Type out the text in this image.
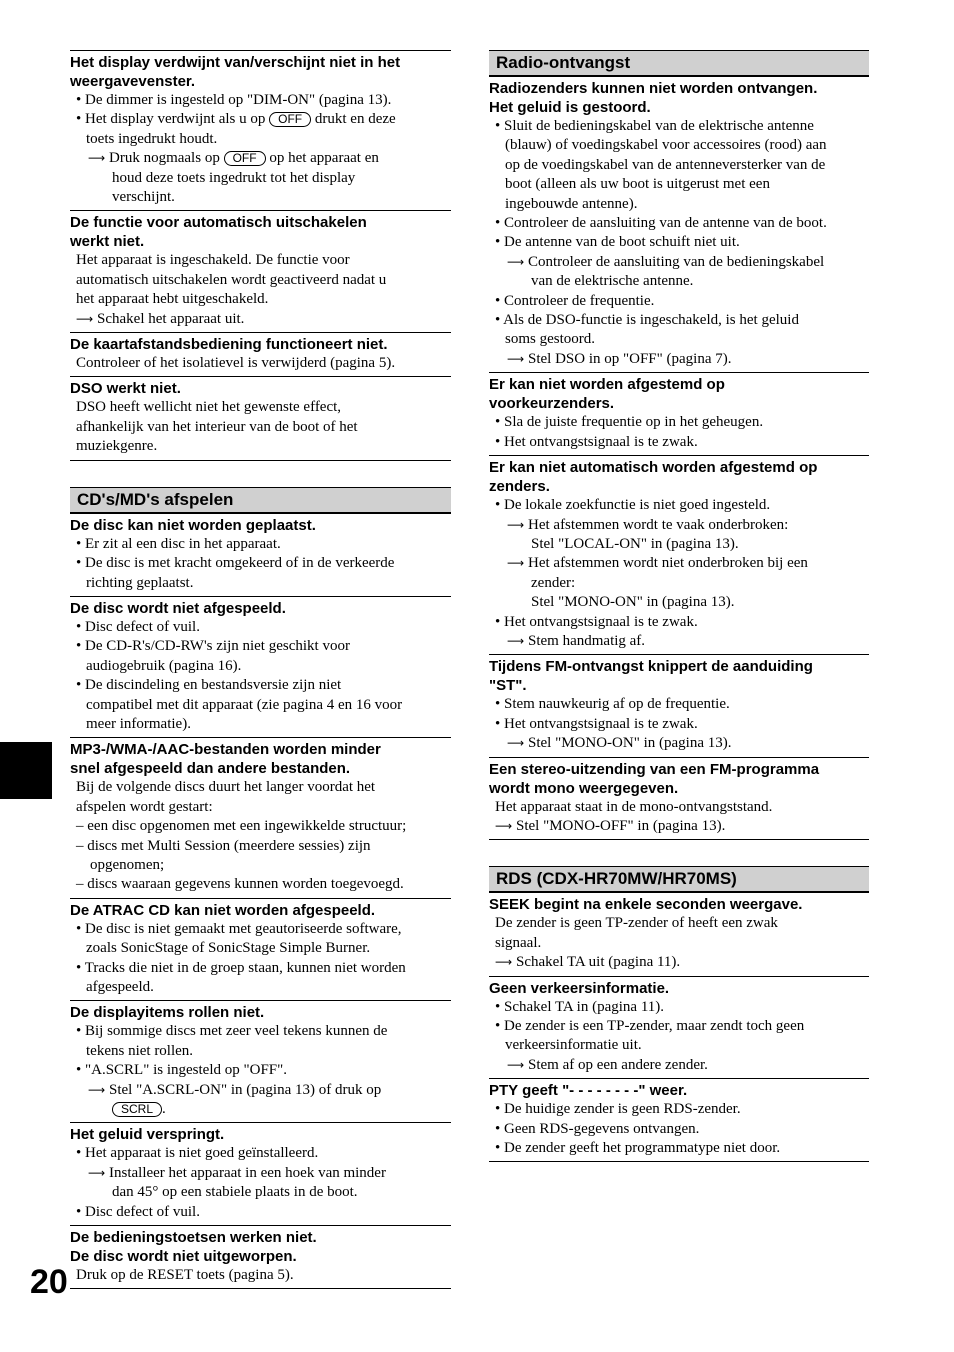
Het display verdwijnt van/verschijnt niet in het
weergavevenster.
• De dimmer is ingesteld op "DIM-ON" (pagina 13).
• Het display verdwijnt als u op OFF drukt en deze
toets ingedrukt houdt.
⟶ Druk nogmaals op OFF op het apparaat en
houd deze toets ingedrukt tot het display
verschijnt.
De functie voor automatisch uitschakelen
werkt niet.
Het apparaat is ingeschakeld. De functie voor
automatisch uitschakelen wordt geactiveerd nadat u
het apparaat hebt uitgeschakeld.
⟶ Schakel het apparaat uit.
De kaartafstandsbediening functioneert niet.
Controleer of het isolatievel is verwijderd (pagina 5).
DSO werkt niet.
DSO heeft wellicht niet het gewenste effect,
afhankelijk van het interieur van de boot of het
muziekgenre.
CD's/MD's afspelen
De disc kan niet worden geplaatst.
• Er zit al een disc in het apparaat.
• De disc is met kracht omgekeerd of in de verkeerde
richting geplaatst.
De disc wordt niet afgespeeld.
• Disc defect of vuil.
• De CD-R's/CD-RW's zijn niet geschikt voor
audiogebruik (pagina 16).
• De discindeling en bestandsversie zijn niet
compatibel met dit apparaat (zie pagina 4 en 16 voor
meer informatie).
MP3-/WMA-/AAC-bestanden worden minder
snel afgespeeld dan andere bestanden.
Bij de volgende discs duurt het langer voordat het
afspelen wordt gestart:
– een disc opgenomen met een ingewikkelde structuur;
– discs met Multi Session (meerdere sessies) zijn
opgenomen;
– discs waaraan gegevens kunnen worden toegevoegd.
De ATRAC CD kan niet worden afgespeeld.
• De disc is niet gemaakt met geautoriseerde software,
zoals SonicStage of SonicStage Simple Burner.
• Tracks die niet in de groep staan, kunnen niet worden
afgespeeld.
De displayitems rollen niet.
• Bij sommige discs met zeer veel tekens kunnen de
tekens niet rollen.
• "A.SCRL" is ingesteld op "OFF".
⟶ Stel "A.SCRL-ON" in (pagina 13) of druk op
SCRL .
Het geluid verspringt.
• Het apparaat is niet goed geïnstalleerd.
⟶ Installeer het apparaat in een hoek van minder
dan 45° op een stabiele plaats in de boot.
• Disc defect of vuil.
De bedieningstoetsen werken niet.
De disc wordt niet uitgeworpen.
Druk op de RESET toets (pagina 5).
Radio-ontvangst
Radiozenders kunnen niet worden ontvangen.
Het geluid is gestoord.
• Sluit de bedieningskabel van de elektrische antenne
(blauw) of voedingskabel voor accessoires (rood) aan
op de voedingskabel van de antenneversterker van de
boot (alleen als uw boot is uitgerust met een
ingebouwde antenne).
• Controleer de aansluiting van de antenne van de boot.
• De antenne van de boot schuift niet uit.
⟶ Controleer de aansluiting van de bedieningskabel
van de elektrische antenne.
• Controleer de frequentie.
• Als de DSO-functie is ingeschakeld, is het geluid
soms gestoord.
⟶ Stel DSO in op "OFF" (pagina 7).
Er kan niet worden afgestemd op
voorkeurzenders.
• Sla de juiste frequentie op in het geheugen.
• Het ontvangstsignaal is te zwak.
Er kan niet automatisch worden afgestemd op
zenders.
• De lokale zoekfunctie is niet goed ingesteld.
⟶ Het afstemmen wordt te vaak onderbroken:
Stel "LOCAL-ON" in (pagina 13).
⟶ Het afstemmen wordt niet onderbroken bij een
zender:
Stel "MONO-ON" in (pagina 13).
• Het ontvangstsignaal is te zwak.
⟶ Stem handmatig af.
Tijdens FM-ontvangst knippert de aanduiding
"ST".
• Stem nauwkeurig af op de frequentie.
• Het ontvangstsignaal is te zwak.
⟶ Stel "MONO-ON" in (pagina 13).
Een stereo-uitzending van een FM-programma
wordt mono weergegeven.
Het apparaat staat in de mono-ontvangststand.
⟶ Stel "MONO-OFF" in (pagina 13).
RDS (CDX-HR70MW/HR70MS)
SEEK begint na enkele seconden weergave.
De zender is geen TP-zender of heeft een zwak
signaal.
⟶ Schakel TA uit (pagina 11).
Geen verkeersinformatie.
• Schakel TA in (pagina 11).
• De zender is een TP-zender, maar zendt toch geen
verkeersinformatie uit.
⟶ Stem af op een andere zender.
PTY geeft "- - - - - - - -" weer.
• De huidige zender is geen RDS-zender.
• Geen RDS-gegevens ontvangen.
• De zender geeft het programmatype niet door.
20
